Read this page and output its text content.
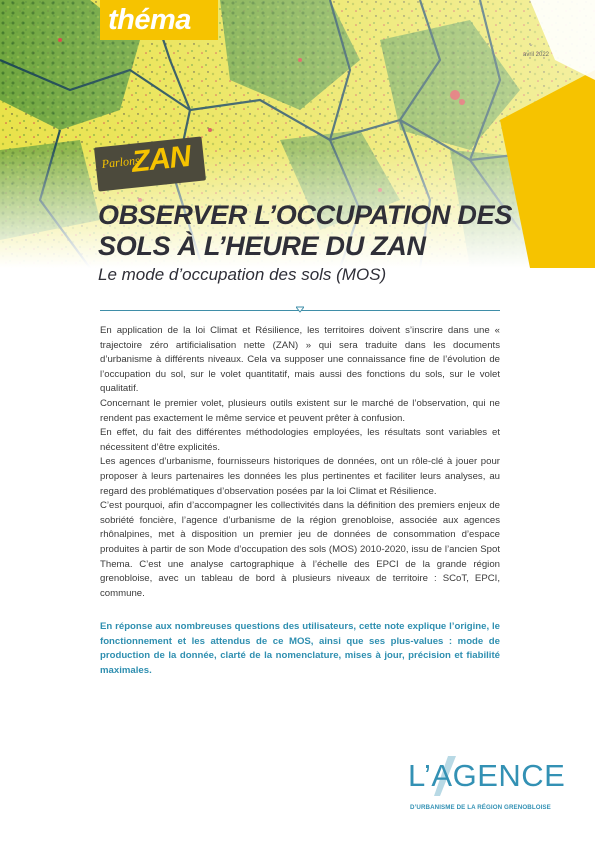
théma
⌄
avril 2022
Parlons
ZAN
OBSERVER L’OCCUPATION DES SOLS À L’HEURE DU ZAN
Le mode d’occupation des sols (MOS)

En application de la loi Climat et Résilience, les territoires doivent s’inscrire dans une « trajectoire zéro artificialisation nette (ZAN) » qui sera traduite dans les documents d’urbanisme à différents niveaux. Cela va supposer une connaissance fine de l’évolution de l’occupation du sol, sur le volet quantitatif, mais aussi des fonctions du sols, sur le volet qualitatif.

Concernant le premier volet, plusieurs outils existent sur le marché de l’observation, qui ne rendent pas exactement le même service et peuvent prêter à confusion.

En effet, du fait des différentes méthodologies employées, les résultats sont variables et nécessitent d’être explicités.

Les agences d’urbanisme, fournisseurs historiques de données, ont un rôle-clé à jouer pour proposer à leurs partenaires les données les plus pertinentes et faciliter leurs analyses, au regard des problématiques d’observation posées par la loi Climat et Résilience.

C’est pourquoi, afin d’accompagner les collectivités dans la définition des premiers enjeux de sobriété foncière, l’agence d’urbanisme de la région grenobloise, associée aux agences rhônalpines, met à disposition un premier jeu de données de consommation d’espace produites à partir de son Mode d’occupation des sols (MOS) 2010-2020, issu de l’ancien Spot Thema. C’est une analyse cartographique à l’échelle des EPCI de la grande région grenobloise, avec un tableau de bord à plusieurs niveaux de territoire : SCoT, EPCI, commune.

En réponse aux nombreuses questions des utilisateurs, cette note explique l’origine, le fonctionnement et les attendus de ce MOS, ainsi que ses plus-values : mode de production de la donnée, clarté de la nomenclature, mises à jour, précision et fiabilité maximales.
L’AGENCE
D’URBANISME DE LA RÉGION GRENOBLOISE
